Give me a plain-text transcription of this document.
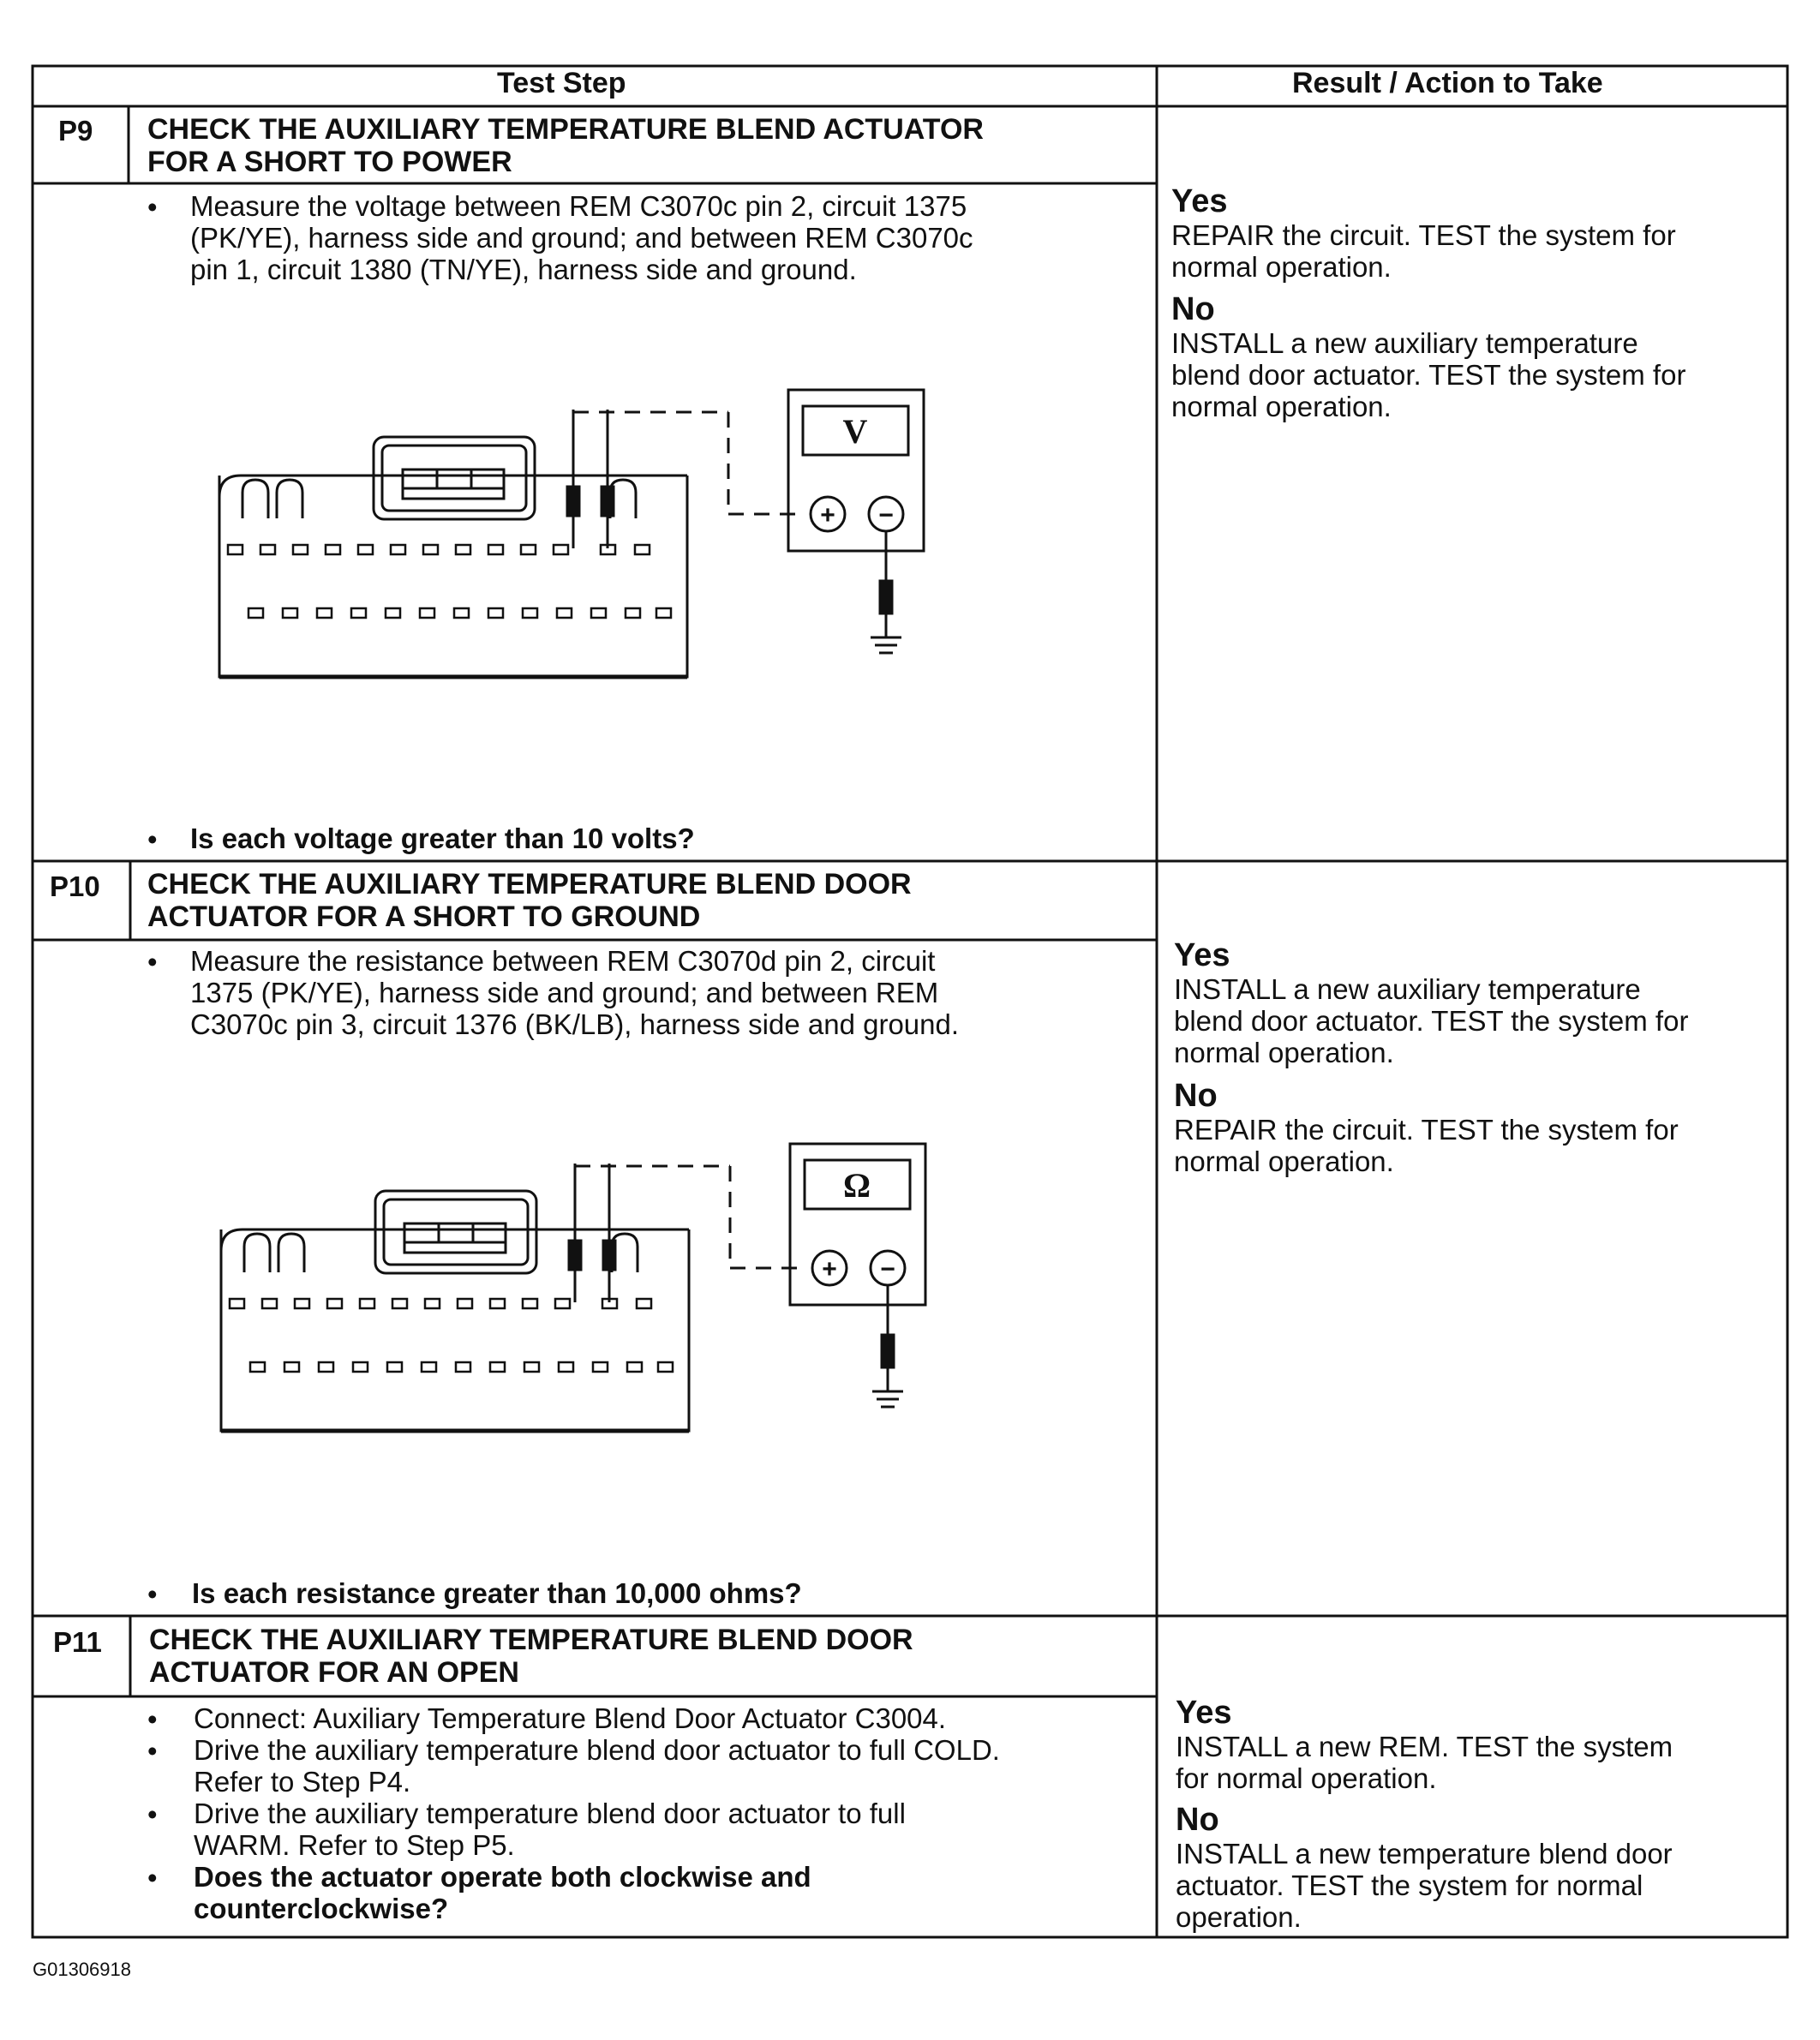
V
Ω
+ −
+ −
Test Step	Result / Action to Take
P9 CHECK THE AUXILIARY TEMPERATURE BLEND ACTUATOR
FOR A SHORT TO POWER
• Measure the voltage between REM C3070c pin 2, circuit 1375
(PK/YE), harness side and ground; and between REM C3070c
pin 1, circuit 1380 (TN/YE), harness side and ground.
• Is each voltage greater than 10 volts?
Yes
REPAIR the circuit. TEST the system for
normal operation.
No
INSTALL a new auxiliary temperature
blend door actuator. TEST the system for
normal operation.
P10 CHECK THE AUXILIARY TEMPERATURE BLEND DOOR
ACTUATOR FOR A SHORT TO GROUND
• Measure the resistance between REM C3070d pin 2, circuit
1375 (PK/YE), harness side and ground; and between REM
C3070c pin 3, circuit 1376 (BK/LB), harness side and ground.
• Is each resistance greater than 10,000 ohms?
Yes
INSTALL a new auxiliary temperature
blend door actuator. TEST the system for
normal operation.
No
REPAIR the circuit. TEST the system for
normal operation.
P11 CHECK THE AUXILIARY TEMPERATURE BLEND DOOR
ACTUATOR FOR AN OPEN
• Connect: Auxiliary Temperature Blend Door Actuator C3004.
• Drive the auxiliary temperature blend door actuator to full COLD.
Refer to Step P4.
• Drive the auxiliary temperature blend door actuator to full
WARM. Refer to Step P5.
• Does the actuator operate both clockwise and
counterclockwise?
Yes
INSTALL a new REM. TEST the system
for normal operation.
No
INSTALL a new temperature blend door
actuator. TEST the system for normal
operation.
G01306918
